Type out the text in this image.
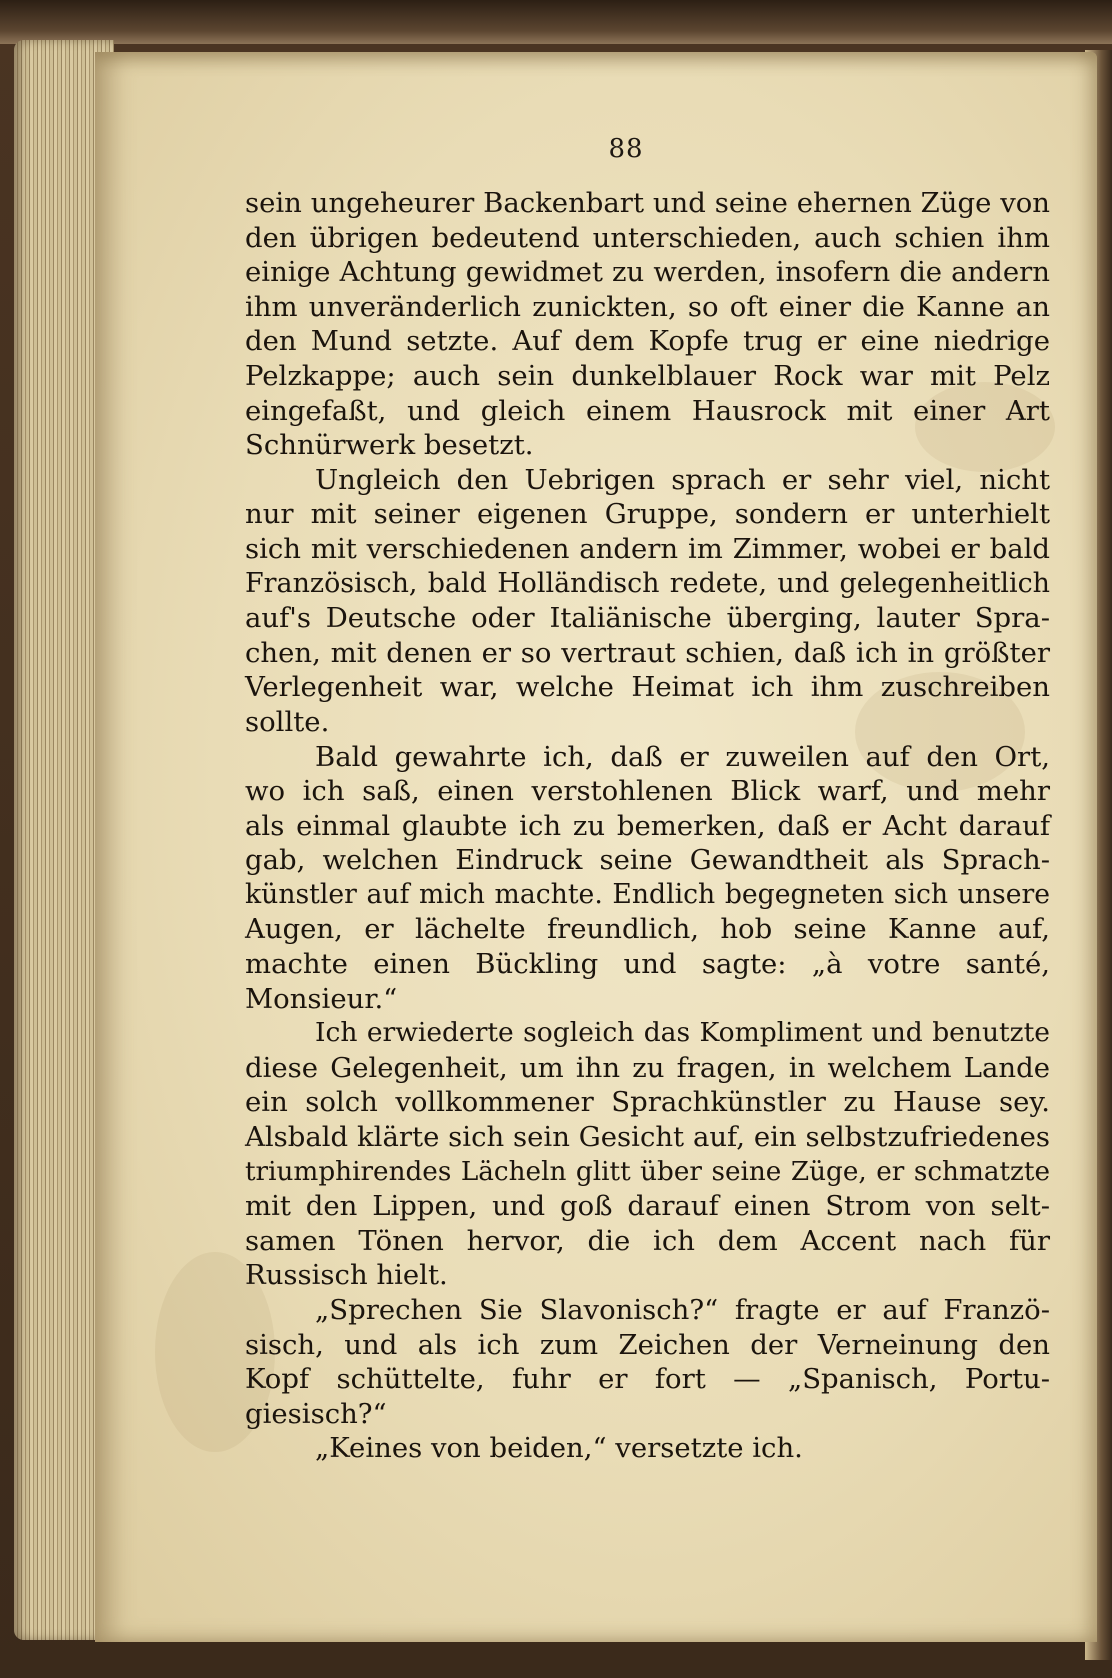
88
sein ungeheurer Backenbart und seine ehernen Züge von
den übrigen bedeutend unterschieden, auch schien ihm
einige Achtung gewidmet zu werden, insofern die andern
ihm unveränderlich zunickten, so oft einer die Kanne an
den Mund setzte. Auf dem Kopfe trug er eine niedrige
Pelzkappe; auch sein dunkelblauer Rock war mit Pelz
eingefaßt, und gleich einem Hausrock mit einer Art
Schnürwerk besetzt.
Ungleich den Uebrigen sprach er sehr viel, nicht
nur mit seiner eigenen Gruppe, sondern er unterhielt
sich mit verschiedenen andern im Zimmer, wobei er bald
Französisch, bald Holländisch redete, und gelegenheitlich
auf's Deutsche oder Italiänische überging, lauter Spra-
chen, mit denen er so vertraut schien, daß ich in größter
Verlegenheit war, welche Heimat ich ihm zuschreiben
sollte.
Bald gewahrte ich, daß er zuweilen auf den Ort,
wo ich saß, einen verstohlenen Blick warf, und mehr
als einmal glaubte ich zu bemerken, daß er Acht darauf
gab, welchen Eindruck seine Gewandtheit als Sprach-
künstler auf mich machte. Endlich begegneten sich unsere
Augen, er lächelte freundlich, hob seine Kanne auf,
machte einen Bückling und sagte: „à votre santé,
Monsieur.“
Ich erwiederte sogleich das Kompliment und benutzte
diese Gelegenheit, um ihn zu fragen, in welchem Lande
ein solch vollkommener Sprachkünstler zu Hause sey.
Alsbald klärte sich sein Gesicht auf, ein selbstzufriedenes
triumphirendes Lächeln glitt über seine Züge, er schmatzte
mit den Lippen, und goß darauf einen Strom von selt-
samen Tönen hervor, die ich dem Accent nach für
Russisch hielt.
„Sprechen Sie Slavonisch?“ fragte er auf Franzö-
sisch, und als ich zum Zeichen der Verneinung den
Kopf schüttelte, fuhr er fort — „Spanisch, Portu-
giesisch?“
„Keines von beiden,“ versetzte ich.
